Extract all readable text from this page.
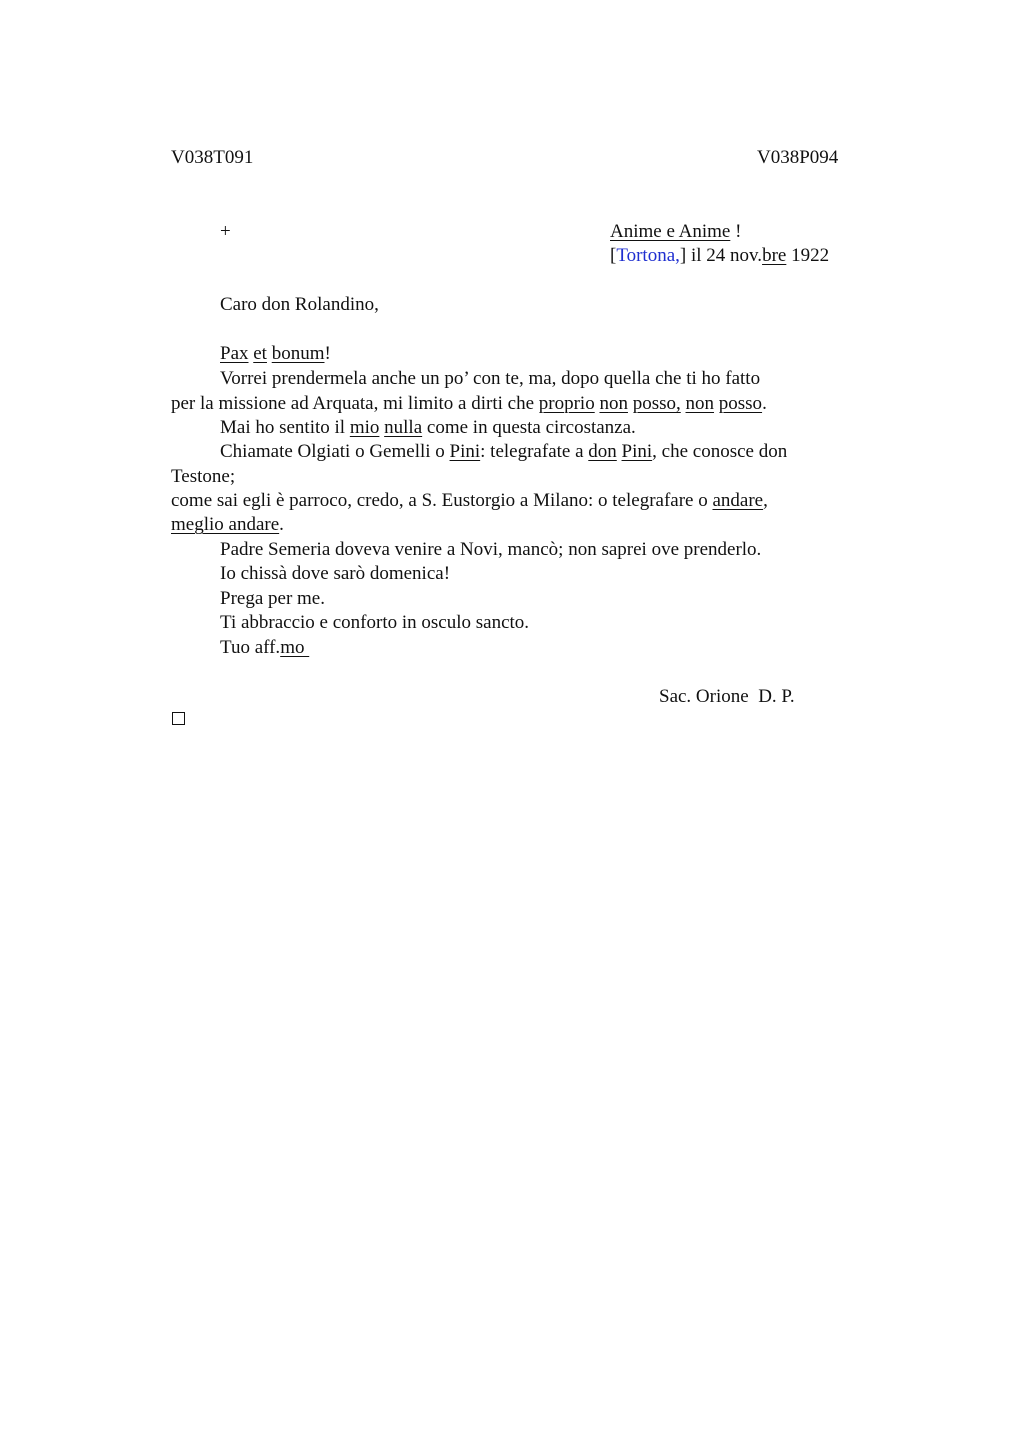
V038T091	V038P094
+	Anime e Anime !
[Tortona,] il 24 nov.bre 1922
Caro don Rolandino,
Pax et bonum!
Vorrei prendermela anche un po’ con te, ma, dopo quella che ti ho fatto
per la missione ad Arquata, mi limito a dirti che proprio non posso, non posso.
Mai ho sentito il mio nulla come in questa circostanza.
Chiamate Olgiati o Gemelli o Pini: telegrafate a don Pini, che conosce don
Testone;
come sai egli è parroco, credo, a S. Eustorgio a Milano: o telegrafare o andare,
meglio andare.
Padre Semeria doveva venire a Novi, mancò; non saprei ove prenderlo.
Io chissà dove sarò domenica!
Prega per me.
Ti abbraccio e conforto in osculo sancto.
Tuo aff.mo
Sac. Orione  D. P.
